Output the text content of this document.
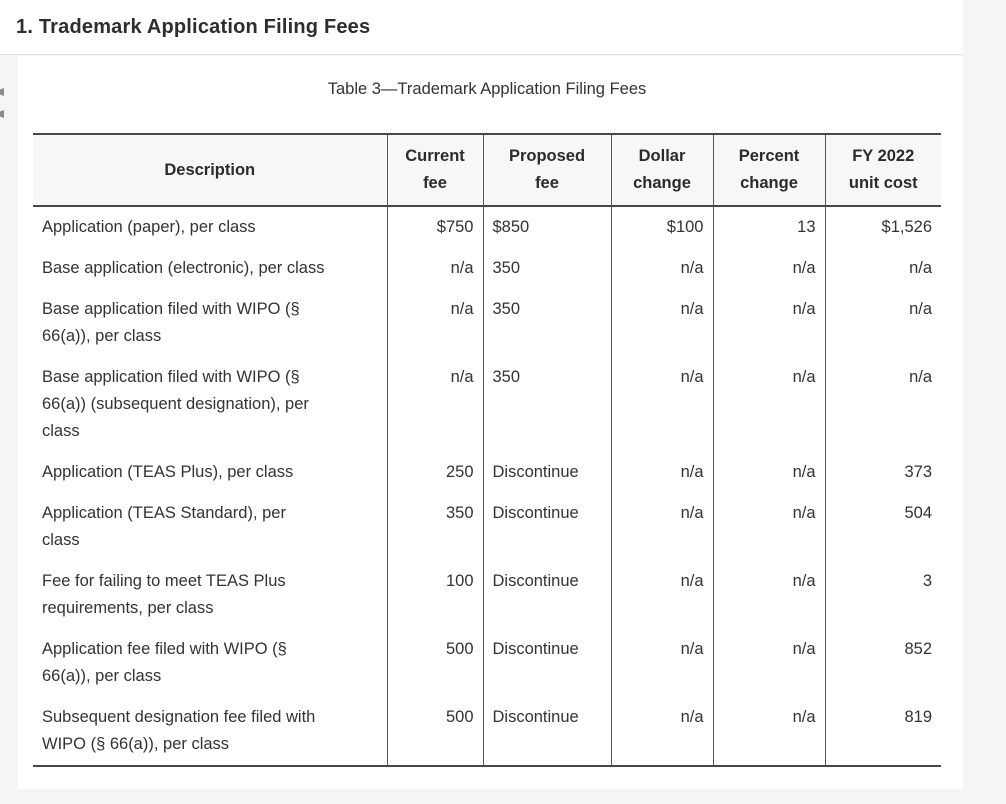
1. Trademark Application Filing Fees
Table 3—Trademark Application Filing Fees
Description	Current fee	Proposed fee	Dollar change	Percent change	FY 2022 unit cost

Application (paper), per class	$750	$850	$100	13	$1,526

Base application (electronic), per class	n/a	350	n/a	n/a	n/a

Base application filed with WIPO (§ 66(a)), per class	n/a	350	n/a	n/a	n/a

Base application filed with WIPO (§ 66(a)) (subsequent designation), per class	n/a	350	n/a	n/a	n/a

Application (TEAS Plus), per class	250	Discontinue	n/a	n/a	373

Application (TEAS Standard), per class	350	Discontinue	n/a	n/a	504

Fee for failing to meet TEAS Plus requirements, per class	100	Discontinue	n/a	n/a	3

Application fee filed with WIPO (§ 66(a)), per class	500	Discontinue	n/a	n/a	852

Subsequent designation fee filed with WIPO (§ 66(a)), per class	500	Discontinue	n/a	n/a	819
